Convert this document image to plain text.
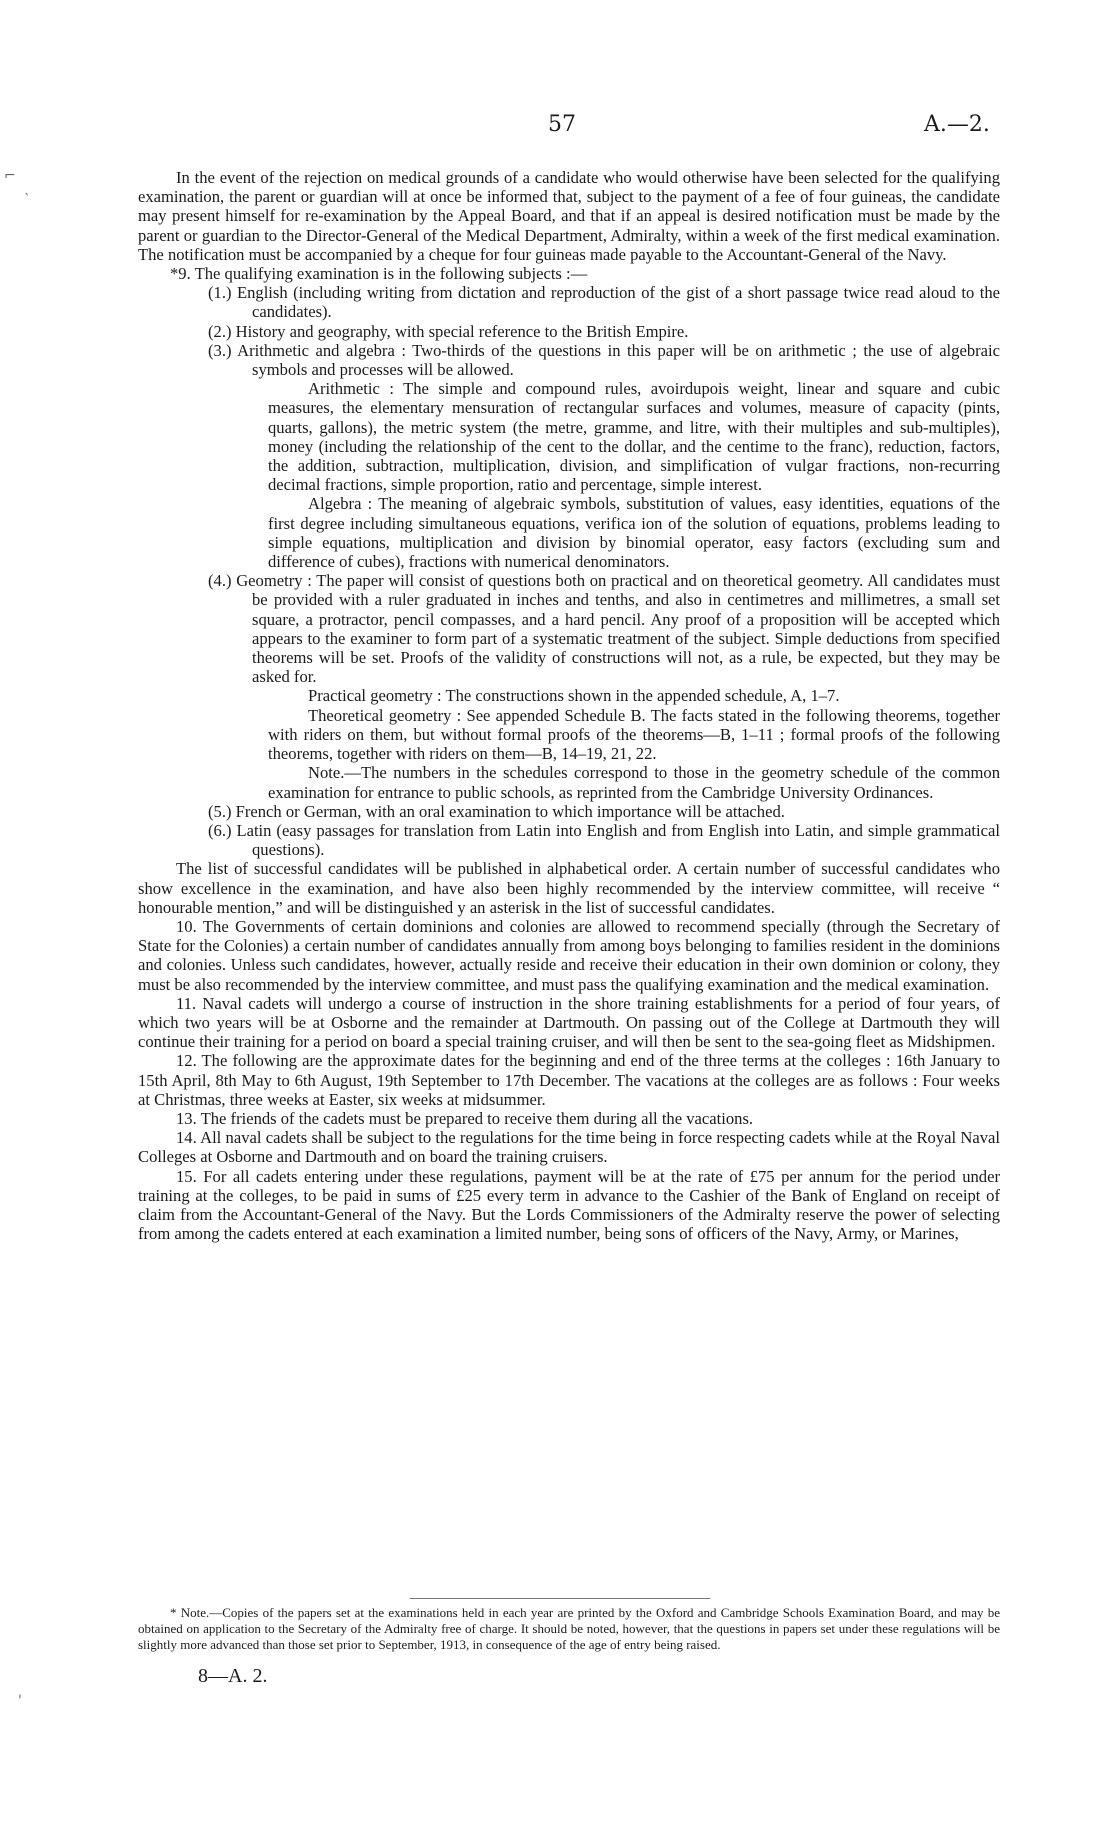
57	A.—2.
⌐
`
'

In the event of the rejection on medical grounds of a candidate who would otherwise have been selected for the qualifying examination, the parent or guardian will at once be informed that, subject to the payment of a fee of four guineas, the candidate may present himself for re-examination by the Appeal Board, and that if an appeal is desired notification must be made by the parent or guardian to the Director-General of the Medical Department, Admiralty, within a week of the first medical examination. The notification must be accompanied by a cheque for four guineas made payable to the Accountant-General of the Navy.

*9. The qualifying examination is in the following subjects :—

(1.) English (including writing from dictation and reproduction of the gist of a short passage twice read aloud to the candidates).

(2.) History and geography, with special reference to the British Empire.

(3.) Arithmetic and algebra : Two-thirds of the questions in this paper will be on arithmetic ; the use of algebraic symbols and processes will be allowed.

Arithmetic : The simple and compound rules, avoirdupois weight, linear and square and cubic measures, the elementary mensuration of rectangular surfaces and volumes, measure of capacity (pints, quarts, gallons), the metric system (the metre, gramme, and litre, with their multiples and sub-multiples), money (including the relationship of the cent to the dollar, and the centime to the franc), reduction, factors, the addition, subtraction, multiplication, division, and simplification of vulgar fractions, non-recurring decimal fractions, simple proportion, ratio and percentage, simple interest.

Algebra : The meaning of algebraic symbols, substitution of values, easy identities, equations of the first degree including simultaneous equations, verifica ion of the solution of equations, problems leading to simple equations, multiplication and division by binomial operator, easy factors (excluding sum and difference of cubes), fractions with numerical denominators.

(4.) Geometry : The paper will consist of questions both on practical and on theoretical geometry. All candidates must be provided with a ruler graduated in inches and tenths, and also in centimetres and millimetres, a small set square, a protractor, pencil compasses, and a hard pencil. Any proof of a proposition will be accepted which appears to the examiner to form part of a systematic treatment of the subject. Simple deductions from specified theorems will be set. Proofs of the validity of constructions will not, as a rule, be expected, but they may be asked for.

Practical geometry : The constructions shown in the appended schedule, A, 1–7.

Theoretical geometry : See appended Schedule B. The facts stated in the following theorems, together with riders on them, but without formal proofs of the theorems—B, 1–11 ; formal proofs of the following theorems, together with riders on them—B, 14–19, 21, 22.

Note.—The numbers in the schedules correspond to those in the geometry schedule of the common examination for entrance to public schools, as reprinted from the Cambridge University Ordinances.

(5.) French or German, with an oral examination to which importance will be attached.

(6.) Latin (easy passages for translation from Latin into English and from English into Latin, and simple grammatical questions).

The list of successful candidates will be published in alphabetical order. A certain number of successful candidates who show excellence in the examination, and have also been highly recommended by the interview committee, will receive “ honourable mention,” and will be distinguished y an asterisk in the list of successful candidates.

10. The Governments of certain dominions and colonies are allowed to recommend specially (through the Secretary of State for the Colonies) a certain number of candidates annually from among boys belonging to families resident in the dominions and colonies. Unless such candidates, however, actually reside and receive their education in their own dominion or colony, they must be also recommended by the interview committee, and must pass the qualifying examination and the medical examination.

11. Naval cadets will undergo a course of instruction in the shore training establishments for a period of four years, of which two years will be at Osborne and the remainder at Dartmouth. On passing out of the College at Dartmouth they will continue their training for a period on board a special training cruiser, and will then be sent to the sea-going fleet as Midshipmen.

12. The following are the approximate dates for the beginning and end of the three terms at the colleges : 16th January to 15th April, 8th May to 6th August, 19th September to 17th December. The vacations at the colleges are as follows : Four weeks at Christmas, three weeks at Easter, six weeks at midsummer.

13. The friends of the cadets must be prepared to receive them during all the vacations.

14. All naval cadets shall be subject to the regulations for the time being in force respecting cadets while at the Royal Naval Colleges at Osborne and Dartmouth and on board the training cruisers.

15. For all cadets entering under these regulations, payment will be at the rate of £75 per annum for the period under training at the colleges, to be paid in sums of £25 every term in advance to the Cashier of the Bank of England on receipt of claim from the Accountant-General of the Navy. But the Lords Commissioners of the Admiralty reserve the power of selecting from among the cadets entered at each examination a limited number, being sons of officers of the Navy, Army, or Marines,

* Note.—Copies of the papers set at the examinations held in each year are printed by the Oxford and Cambridge Schools Examination Board, and may be obtained on application to the Secretary of the Admiralty free of charge. It should be noted, however, that the questions in papers set under these regulations will be slightly more advanced than those set prior to September, 1913, in consequence of the age of entry being raised.

8—A. 2.
